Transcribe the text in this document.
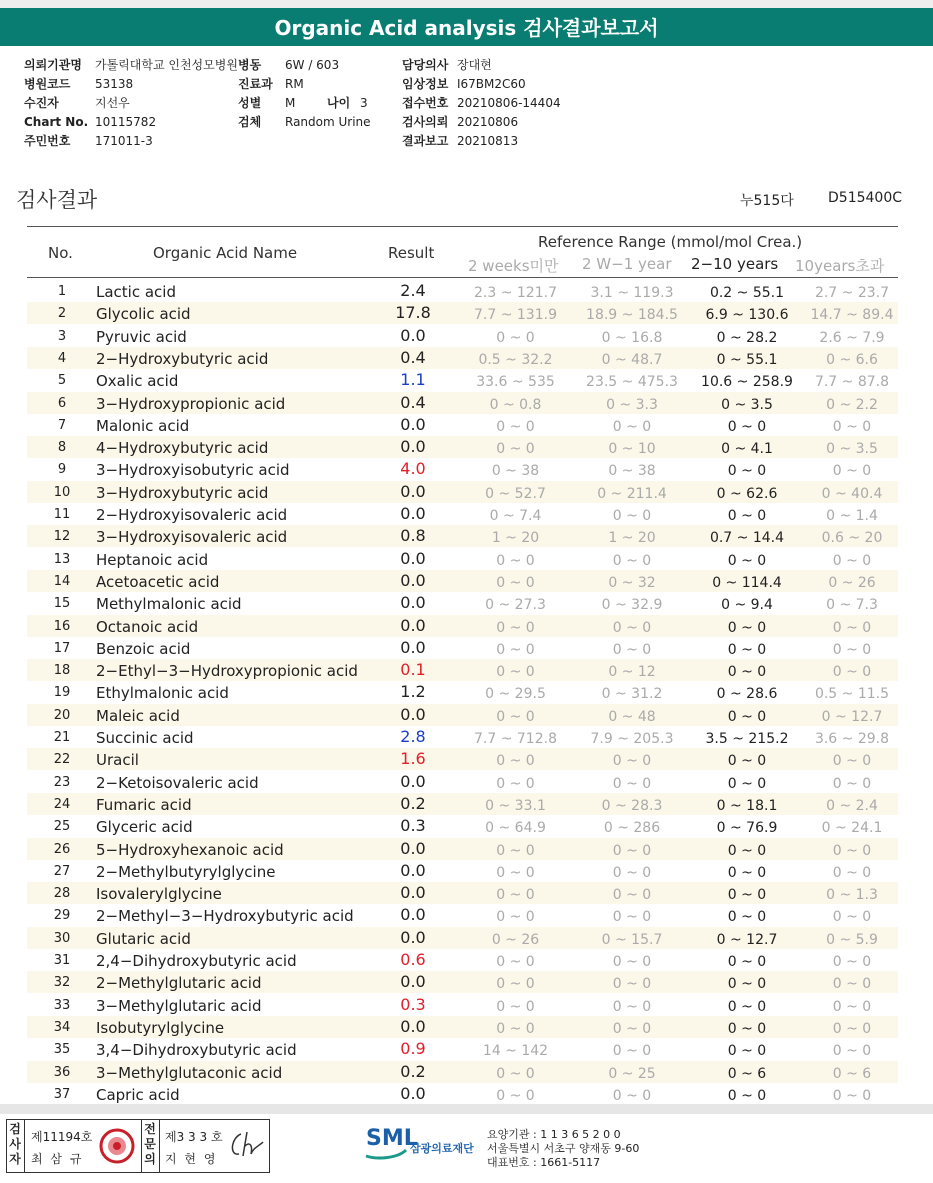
Organic Acid analysis 검사결과보고서
의뢰기관명 가톨릭대학교 인천성모병원
병원코드 53138
수진자	지선우
Chart No. 10115782
주민번호 171011-3
병동 6W / 603
진료과 RM
성별 M	나이 3
검체 Random Urine
담당의사 장대현
임상정보 I67BM2C60
접수번호 20210806-14404
검사의뢰 20210806
결과보고 20210813
검사결과	누515다 D515400C
No.	Organic Acid Name	Result
Reference Range (mmol/mol Crea.)
2 weeks미만 2 W−1 year 2−10 years 10years초과
1	Lactic acid	2.4	2.3 ~ 121.7	3.1 ~ 119.3	0.2 ~ 55.1	2.7 ~ 23.7
2	Glycolic acid	17.8	7.7 ~ 131.9	18.9 ~ 184.5	6.9 ~ 130.6	14.7 ~ 89.4
3	Pyruvic acid	0.0	0 ~ 0	0 ~ 16.8	0 ~ 28.2	2.6 ~ 7.9
4	2−Hydroxybutyric acid	0.4	0.5 ~ 32.2	0 ~ 48.7	0 ~ 55.1	0 ~ 6.6
5	Oxalic acid	1.1	33.6 ~ 535	23.5 ~ 475.3	10.6 ~ 258.9	7.7 ~ 87.8
6	3−Hydroxypropionic acid	0.4	0 ~ 0.8	0 ~ 3.3	0 ~ 3.5	0 ~ 2.2
7	Malonic acid	0.0	0 ~ 0	0 ~ 0	0 ~ 0	0 ~ 0
8	4−Hydroxybutyric acid	0.0	0 ~ 0	0 ~ 10	0 ~ 4.1	0 ~ 3.5
9	3−Hydroxyisobutyric acid	4.0	0 ~ 38	0 ~ 38	0 ~ 0	0 ~ 0
10	3−Hydroxybutyric acid	0.0	0 ~ 52.7	0 ~ 211.4	0 ~ 62.6	0 ~ 40.4
11	2−Hydroxyisovaleric acid	0.0	0 ~ 7.4	0 ~ 0	0 ~ 0	0 ~ 1.4
12	3−Hydroxyisovaleric acid	0.8	1 ~ 20	1 ~ 20	0.7 ~ 14.4	0.6 ~ 20
13	Heptanoic acid	0.0	0 ~ 0	0 ~ 0	0 ~ 0	0 ~ 0
14	Acetoacetic acid	0.0	0 ~ 0	0 ~ 32	0 ~ 114.4	0 ~ 26
15	Methylmalonic acid	0.0	0 ~ 27.3	0 ~ 32.9	0 ~ 9.4	0 ~ 7.3
16	Octanoic acid	0.0	0 ~ 0	0 ~ 0	0 ~ 0	0 ~ 0
17	Benzoic acid	0.0	0 ~ 0	0 ~ 0	0 ~ 0	0 ~ 0
18	2−Ethyl−3−Hydroxypropionic acid	0.1	0 ~ 0	0 ~ 12	0 ~ 0	0 ~ 0
19	Ethylmalonic acid	1.2	0 ~ 29.5	0 ~ 31.2	0 ~ 28.6	0.5 ~ 11.5
20	Maleic acid	0.0	0 ~ 0	0 ~ 48	0 ~ 0	0 ~ 12.7
21	Succinic acid	2.8	7.7 ~ 712.8	7.9 ~ 205.3	3.5 ~ 215.2	3.6 ~ 29.8
22	Uracil	1.6	0 ~ 0	0 ~ 0	0 ~ 0	0 ~ 0
23	2−Ketoisovaleric acid	0.0	0 ~ 0	0 ~ 0	0 ~ 0	0 ~ 0
24	Fumaric acid	0.2	0 ~ 33.1	0 ~ 28.3	0 ~ 18.1	0 ~ 2.4
25	Glyceric acid	0.3	0 ~ 64.9	0 ~ 286	0 ~ 76.9	0 ~ 24.1
26	5−Hydroxyhexanoic acid	0.0	0 ~ 0	0 ~ 0	0 ~ 0	0 ~ 0
27	2−Methylbutyrylglycine	0.0	0 ~ 0	0 ~ 0	0 ~ 0	0 ~ 0
28	Isovalerylglycine	0.0	0 ~ 0	0 ~ 0	0 ~ 0	0 ~ 1.3
29	2−Methyl−3−Hydroxybutyric acid	0.0	0 ~ 0	0 ~ 0	0 ~ 0	0 ~ 0
30	Glutaric acid	0.0	0 ~ 26	0 ~ 15.7	0 ~ 12.7	0 ~ 5.9
31	2,4−Dihydroxybutyric acid	0.6	0 ~ 0	0 ~ 0	0 ~ 0	0 ~ 0
32	2−Methylglutaric acid	0.0	0 ~ 0	0 ~ 0	0 ~ 0	0 ~ 0
33	3−Methylglutaric acid	0.3	0 ~ 0	0 ~ 0	0 ~ 0	0 ~ 0
34	Isobutyrylglycine	0.0	0 ~ 0	0 ~ 0	0 ~ 0	0 ~ 0
35	3,4−Dihydroxybutyric acid	0.9	14 ~ 142	0 ~ 0	0 ~ 0	0 ~ 0
36	3−Methylglutaconic acid	0.2	0 ~ 0	0 ~ 25	0 ~ 6	0 ~ 6
37	Capric acid	0.0	0 ~ 0	0 ~ 0	0 ~ 0	0 ~ 0
검
사
자
제11194호
최 삼 규
전
문
의
제3 3 3 호
지 현 영
SML
삼광의료재단
요양기관 : 1 1 3 6 5 2 0 0
서울특별시 서초구 양재동 9-60
대표번호 : 1661-5117
